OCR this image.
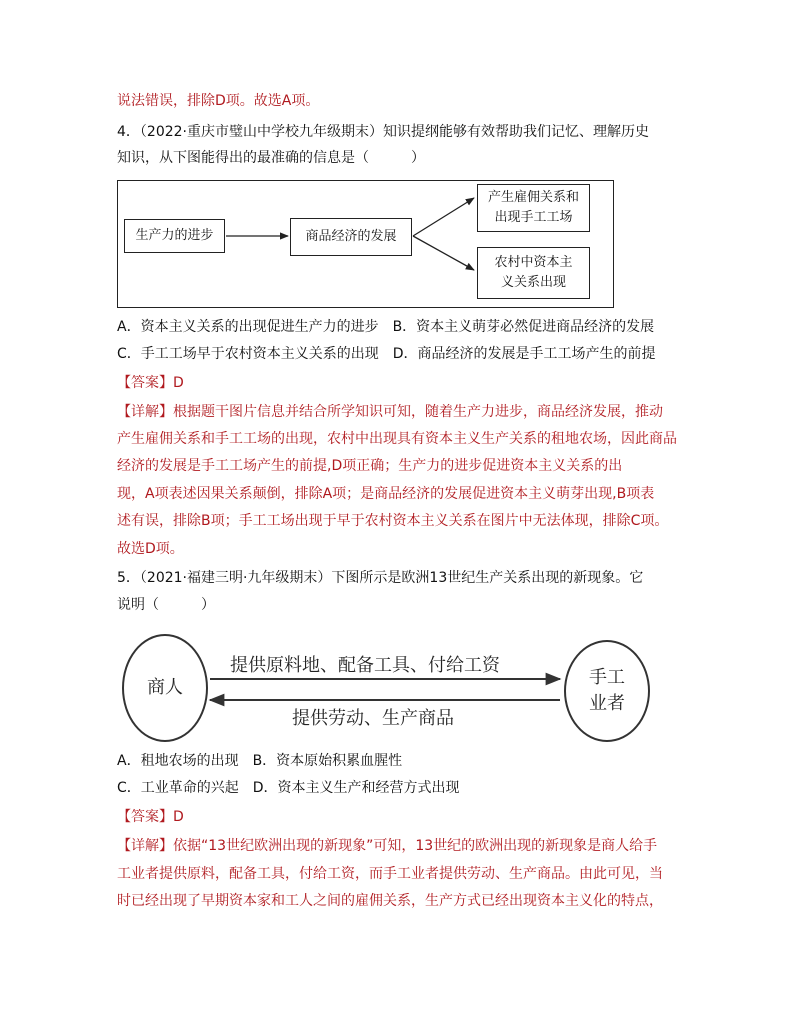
说法错误，排除D项。故选A项。
4．（2022·重庆市璧山中学校九年级期末）知识提纲能够有效帮助我们记忆、理解历史
知识，从下图能得出的最准确的信息是（　　　）
生产力的进步	商品经济的发展
产生雇佣关系和
出现手工工场
农村中资本主
义关系出现
A．资本主义关系的出现促进生产力的进步　B．资本主义萌芽必然促进商品经济的发展
C．手工工场早于农村资本主义关系的出现　D．商品经济的发展是手工工场产生的前提
【答案】D
【详解】根据题干图片信息并结合所学知识可知，随着生产力进步，商品经济发展，推动
产生雇佣关系和手工工场的出现，农村中出现具有资本主义生产关系的租地农场，因此商品
经济的发展是手工工场产生的前提,D项正确；生产力的进步促进资本主义关系的出
现，A项表述因果关系颠倒，排除A项；是商品经济的发展促进资本主义萌芽出现,B项表
述有误，排除B项；手工工场出现于早于农村资本主义关系在图片中无法体现，排除C项。
故选D项。
5．（2021·福建三明·九年级期末）下图所示是欧洲13世纪生产关系出现的新现象。它
说明（　　　）
商人	手工
业者
提供原料地、配备工具、付给工资
提供劳动、生产商品
A．租地农场的出现　B．资本原始积累血腥性
C．工业革命的兴起　D．资本主义生产和经营方式出现
【答案】D
【详解】依据“13世纪欧洲出现的新现象”可知，13世纪的欧洲出现的新现象是商人给手
工业者提供原料，配备工具，付给工资，而手工业者提供劳动、生产商品。由此可见，当
时已经出现了早期资本家和工人之间的雇佣关系，生产方式已经出现资本主义化的特点，
